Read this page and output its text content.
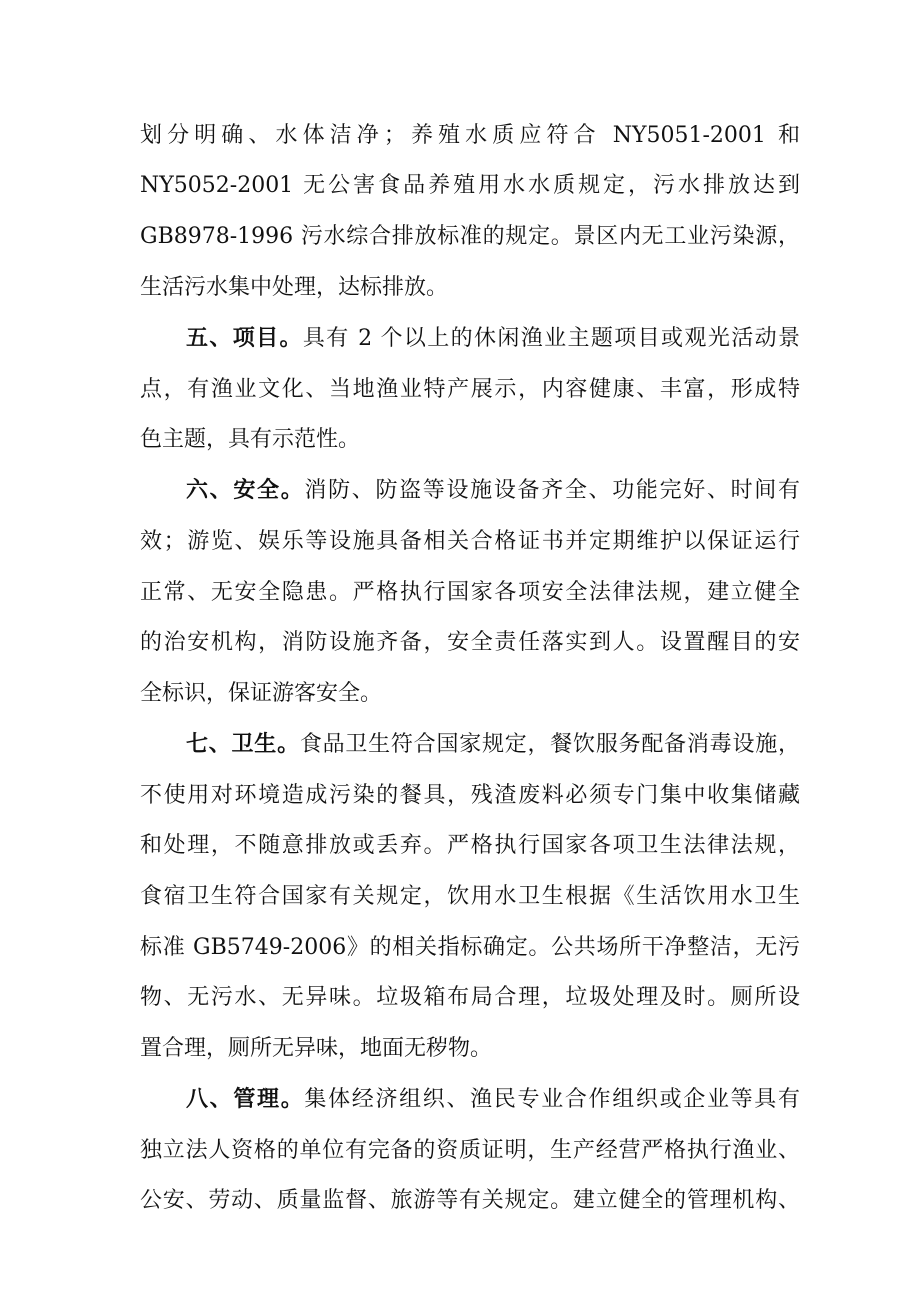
划分明确、水体洁净；养殖水质应符合 NY5051-2001 和
NY5052-2001 无公害食品养殖用水水质规定，污水排放达到
GB8978-1996 污水综合排放标准的规定。景区内无工业污染源，
生活污水集中处理，达标排放。
五、项目。具有 2 个以上的休闲渔业主题项目或观光活动景
点，有渔业文化、当地渔业特产展示，内容健康、丰富，形成特
色主题，具有示范性。
六、安全。消防、防盗等设施设备齐全、功能完好、时间有
效；游览、娱乐等设施具备相关合格证书并定期维护以保证运行
正常、无安全隐患。严格执行国家各项安全法律法规，建立健全
的治安机构，消防设施齐备，安全责任落实到人。设置醒目的安
全标识，保证游客安全。
七、卫生。食品卫生符合国家规定，餐饮服务配备消毒设施，
不使用对环境造成污染的餐具，残渣废料必须专门集中收集储藏
和处理，不随意排放或丢弃。严格执行国家各项卫生法律法规，
食宿卫生符合国家有关规定，饮用水卫生根据《生活饮用水卫生
标准 GB5749-2006》的相关指标确定。公共场所干净整洁，无污
物、无污水、无异味。垃圾箱布局合理，垃圾处理及时。厕所设
置合理，厕所无异味，地面无秽物。
八、管理。集体经济组织、渔民专业合作组织或企业等具有
独立法人资格的单位有完备的资质证明，生产经营严格执行渔业、
公安、劳动、质量监督、旅游等有关规定。建立健全的管理机构、
